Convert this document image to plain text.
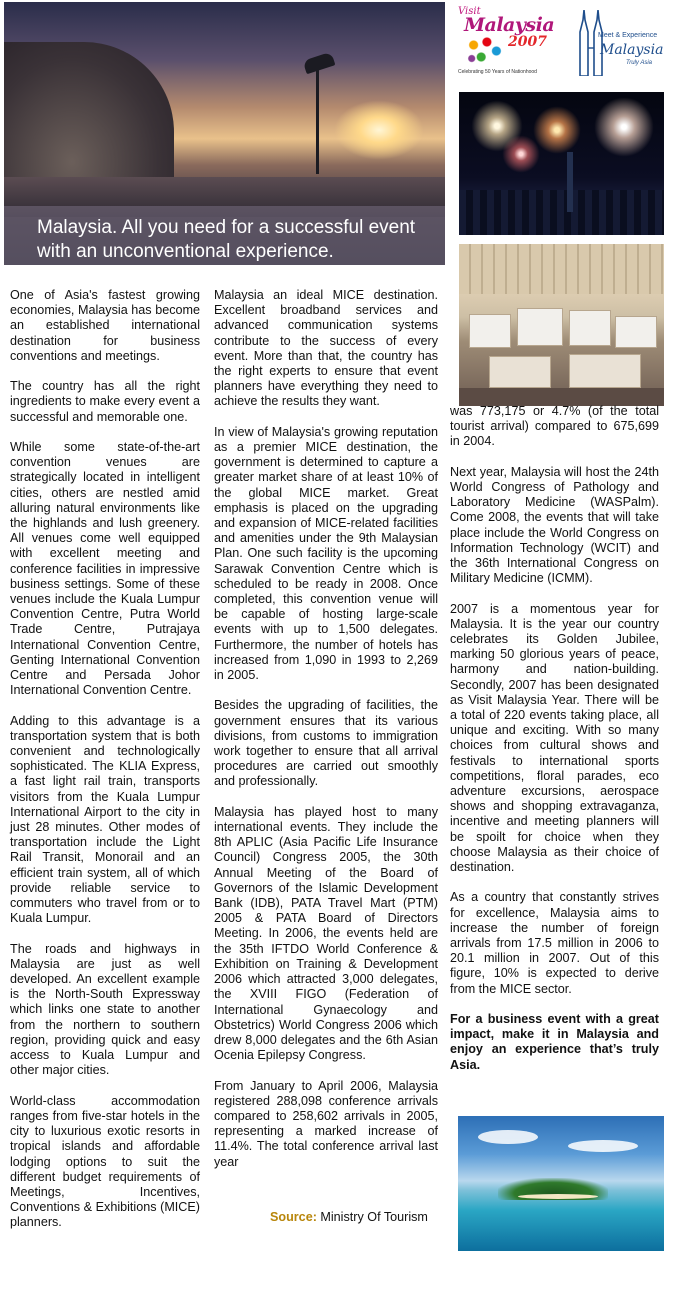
Malaysia. All you need for a successful event with an unconventional experience.
Visit
Malaysia
2007
Celebrating 50 Years of Nationhood
Meet & Experience
Malaysia
Truly Asia

One of Asia's fastest growing economies, Malaysia has become an established international destination for business conventions and meetings.

The country has all the right ingredients to make every event a successful and memorable one.

While some state-of-the-art convention venues are strategically located in intelligent cities, others are nestled amid alluring natural environments like the highlands and lush greenery. All venues come well equipped with excellent meeting and conference facilities in impressive business settings. Some of these venues include the Kuala Lumpur Convention Centre, Putra World Trade Centre, Putrajaya International Convention Centre, Genting International Convention Centre and Persada Johor International Convention Centre.

Adding to this advantage is a transportation system that is both convenient and technologically sophisticated. The KLIA Express, a fast light rail train, transports visitors from the Kuala Lumpur International Airport to the city in just 28 minutes. Other modes of transportation include the Light Rail Transit, Monorail and an efficient train system, all of which provide reliable service to commuters who travel from or to Kuala Lumpur.

The roads and highways in Malaysia are just as well developed. An excellent example is the North-South Expressway which links one state to another from the northern to southern region, providing quick and easy access to Kuala Lumpur and other major cities.

World-class accommodation ranges from five-star hotels in the city to luxurious exotic resorts in tropical islands and affordable lodging options to suit the different budget requirements of Meetings, Incentives, Conventions & Exhibitions (MICE) planners.

Malaysia an ideal MICE destination. Excellent broadband services and advanced communication systems contribute to the success of every event. More than that, the country has the right experts to ensure that event planners have everything they need to achieve the results they want.

In view of Malaysia's growing reputation as a premier MICE destination, the government is determined to capture a greater market share of at least 10% of the global MICE market. Great emphasis is placed on the upgrading and expansion of MICE-related facilities and amenities under the 9th Malaysian Plan. One such facility is the upcoming Sarawak Convention Centre which is scheduled to be ready in 2008. Once completed, this convention venue will be capable of hosting large-scale events with up to 1,500 delegates. Furthermore, the number of hotels has increased from 1,090 in 1993 to 2,269 in 2005.

Besides the upgrading of facilities, the government ensures that its various divisions, from customs to immigration work together to ensure that all arrival procedures are carried out smoothly and professionally.

Malaysia has played host to many international events. They include the 8th APLIC (Asia Pacific Life Insurance Council) Congress 2005, the 30th Annual Meeting of the Board of Governors of the Islamic Development Bank (IDB), PATA Travel Mart (PTM) 2005 & PATA Board of Directors Meeting. In 2006, the events held are the 35th IFTDO World Conference & Exhibition on Training & Development 2006 which attracted 3,000 delegates, the XVIII FIGO (Federation of International Gynaecology and Obstetrics) World Congress 2006 which drew 8,000 delegates and the 6th Asian Ocenia Epilepsy Congress.

From January to April 2006, Malaysia registered 288,098 conference arrivals compared to 258,602 arrivals in 2005, representing a marked increase of 11.4%. The total conference arrival last year

Source: Ministry Of Tourism

was 773,175 or 4.7% (of the total tourist arrival) compared to 675,699 in 2004.

Next year, Malaysia will host the 24th World Congress of Pathology and Laboratory Medicine (WASPalm). Come 2008, the events that will take place include the World Congress on Information Technology (WCIT) and the 36th International Congress on Military Medicine (ICMM).

2007 is a momentous year for Malaysia. It is the year our country celebrates its Golden Jubilee, marking 50 glorious years of peace, harmony and nation-building. Secondly, 2007 has been designated as Visit Malaysia Year. There will be a total of 220 events taking place, all unique and exciting. With so many choices from cultural shows and festivals to international sports competitions, floral parades, eco adventure excursions, aerospace shows and shopping extravaganza, incentive and meeting planners will be spoilt for choice when they choose Malaysia as their choice of destination.

As a country that constantly strives for excellence, Malaysia aims to increase the number of foreign arrivals from 17.5 million in 2006 to 20.1 million in 2007. Out of this figure, 10% is expected to derive from the MICE sector.

For a business event with a great impact, make it in Malaysia and enjoy an experience that’s truly Asia.
